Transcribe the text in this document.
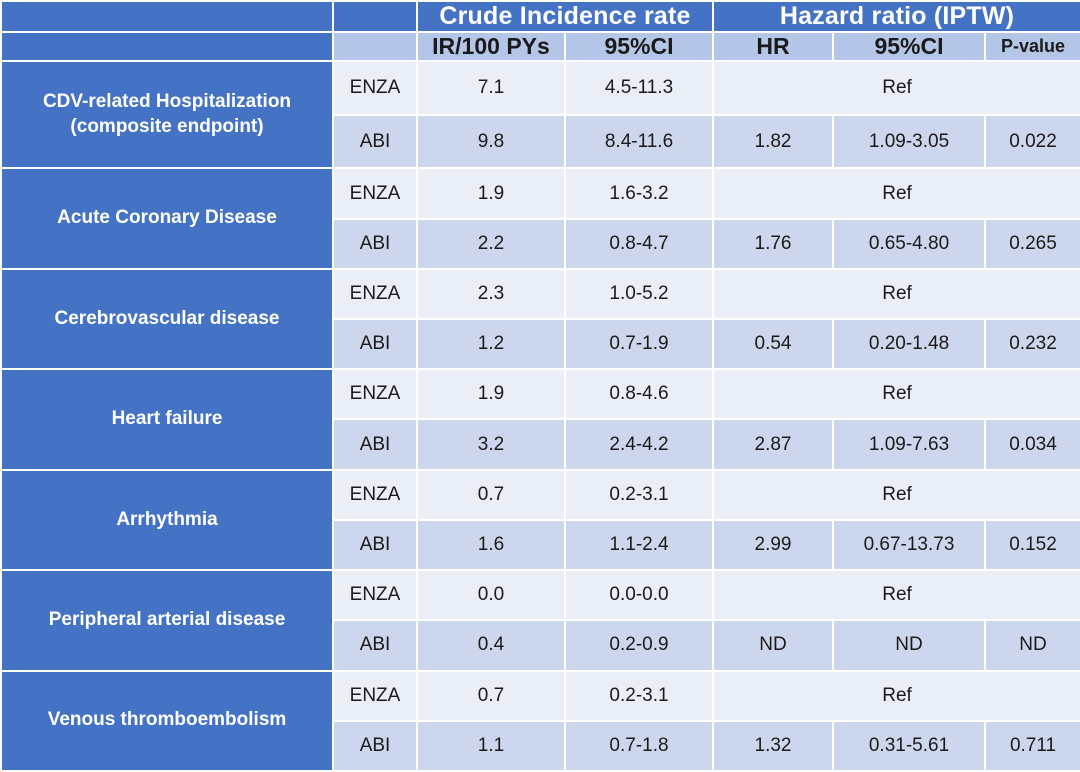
		Crude Incidence rate		Hazard ratio (IPTW)		
		IR/100 PYs	95%CI	HR	95%CI	P-value
CDV-related Hospitalization (composite endpoint)	ENZA	7.1	4.5-11.3	Ref		
	ABI	9.8	8.4-11.6	1.82	1.09-3.05	0.022
Acute Coronary Disease	ENZA	1.9	1.6-3.2	Ref		
	ABI	2.2	0.8-4.7	1.76	0.65-4.80	0.265
Cerebrovascular disease	ENZA	2.3	1.0-5.2	Ref		
	ABI	1.2	0.7-1.9	0.54	0.20-1.48	0.232
Heart failure	ENZA	1.9	0.8-4.6	Ref		
	ABI	3.2	2.4-4.2	2.87	1.09-7.63	0.034
Arrhythmia	ENZA	0.7	0.2-3.1	Ref		
	ABI	1.6	1.1-2.4	2.99	0.67-13.73	0.152
Peripheral arterial disease	ENZA	0.0	0.0-0.0	Ref		
	ABI	0.4	0.2-0.9	ND	ND	ND
Venous thromboembolism	ENZA	0.7	0.2-3.1	Ref		
	ABI	1.1	0.7-1.8	1.32	0.31-5.61	0.711
